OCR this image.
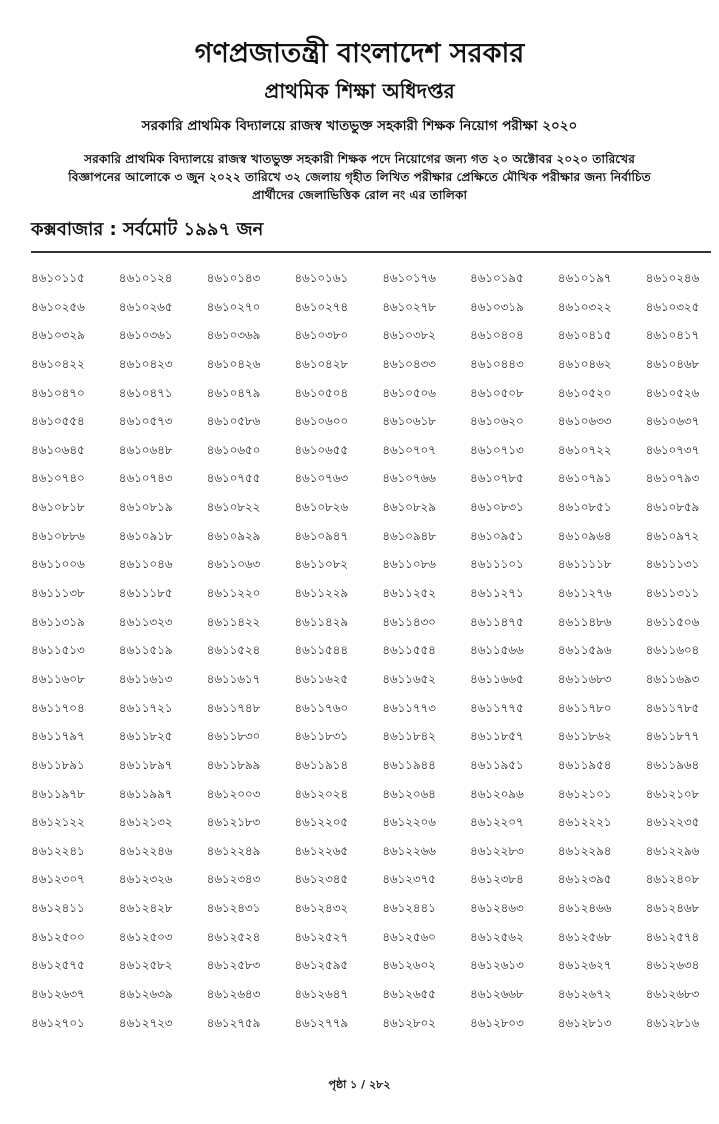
গণপ্রজাতন্ত্রী বাংলাদেশ সরকার
প্রাথমিক শিক্ষা অধিদপ্তর
সরকারি প্রাথমিক বিদ্যালয়ে রাজস্ব খাতভুক্ত সহকারী শিক্ষক নিয়োগ পরীক্ষা ২০২০
সরকারি প্রাথমিক বিদ্যালয়ে রাজস্ব খাতভুক্ত সহকারী শিক্ষক পদে নিয়োগের জন্য গত ২০ অক্টোবর ২০২০ তারিখের
বিজ্ঞাপনের আলোকে ৩ জুন ২০২২ তারিখে ৩২ জেলায় গৃহীত লিখিত পরীক্ষার প্রেক্ষিতে মৌখিক পরীক্ষার জন্য নির্বাচিত
প্রার্থীদের জেলাভিত্তিক রোল নং এর তালিকা
কক্সবাজার : সর্বমোট ১৯৯৭ জন
৪৬১০১১৫	৪৬১০১২৪	৪৬১০১৪৩	৪৬১০১৬১	৪৬১০১৭৬	৪৬১০১৯৫	৪৬১০১৯৭	৪৬১০২৪৬
৪৬১০২৫৬	৪৬১০২৬৫	৪৬১০২৭০	৪৬১০২৭৪	৪৬১০২৭৮	৪৬১০৩১৯	৪৬১০৩২২	৪৬১০৩২৫
৪৬১০৩২৯	৪৬১০৩৬১	৪৬১০৩৬৯	৪৬১০৩৮০	৪৬১০৩৮২	৪৬১০৪০৪	৪৬১০৪১৫	৪৬১০৪১৭
৪৬১০৪২২	৪৬১০৪২৩	৪৬১০৪২৬	৪৬১০৪২৮	৪৬১০৪৩৩	৪৬১০৪৪৩	৪৬১০৪৬২	৪৬১০৪৬৮
৪৬১০৪৭০	৪৬১০৪৭১	৪৬১০৪৭৯	৪৬১০৫০৪	৪৬১০৫০৬	৪৬১০৫০৮	৪৬১০৫২০	৪৬১০৫২৬
৪৬১০৫৫৪	৪৬১০৫৭৩	৪৬১০৫৮৬	৪৬১০৬০০	৪৬১০৬১৮	৪৬১০৬২০	৪৬১০৬৩৩	৪৬১০৬৩৭
৪৬১০৬৪৫	৪৬১০৬৪৮	৪৬১০৬৫০	৪৬১০৬৫৫	৪৬১০৭০৭	৪৬১০৭১৩	৪৬১০৭২২	৪৬১০৭৩৭
৪৬১০৭৪০	৪৬১০৭৪৩	৪৬১০৭৫৫	৪৬১০৭৬৩	৪৬১০৭৬৬	৪৬১০৭৮৫	৪৬১০৭৯১	৪৬১০৭৯৩
৪৬১০৮১৮	৪৬১০৮১৯	৪৬১০৮২২	৪৬১০৮২৬	৪৬১০৮২৯	৪৬১০৮৩১	৪৬১০৮৫১	৪৬১০৮৫৯
৪৬১০৮৮৬	৪৬১০৯১৮	৪৬১০৯২৯	৪৬১০৯৪৭	৪৬১০৯৪৮	৪৬১০৯৫১	৪৬১০৯৬৪	৪৬১০৯৭২
৪৬১১০০৬	৪৬১১০৪৬	৪৬১১০৬৩	৪৬১১০৮২	৪৬১১০৮৬	৪৬১১১০১	৪৬১১১১৮	৪৬১১১৩১
৪৬১১১৩৮	৪৬১১১৮৫	৪৬১১২২০	৪৬১১২২৯	৪৬১১২৫২	৪৬১১২৭১	৪৬১১২৭৬	৪৬১১৩১১
৪৬১১৩১৯	৪৬১১৩২৩	৪৬১১৪২২	৪৬১১৪২৯	৪৬১১৪৩০	৪৬১১৪৭৫	৪৬১১৪৮৬	৪৬১১৫০৬
৪৬১১৫১৩	৪৬১১৫১৯	৪৬১১৫২৪	৪৬১১৫৪৪	৪৬১১৫৫৪	৪৬১১৫৬৬	৪৬১১৫৯৬	৪৬১১৬০৪
৪৬১১৬০৮	৪৬১১৬১৩	৪৬১১৬১৭	৪৬১১৬২৫	৪৬১১৬৫২	৪৬১১৬৬৫	৪৬১১৬৮৩	৪৬১১৬৯৩
৪৬১১৭০৪	৪৬১১৭২১	৪৬১১৭৪৮	৪৬১১৭৬০	৪৬১১৭৭৩	৪৬১১৭৭৫	৪৬১১৭৮০	৪৬১১৭৮৫
৪৬১১৭৯৭	৪৬১১৮২৫	৪৬১১৮৩০	৪৬১১৮৩১	৪৬১১৮৪২	৪৬১১৮৫৭	৪৬১১৮৬২	৪৬১১৮৭৭
৪৬১১৮৯১	৪৬১১৮৯৭	৪৬১১৮৯৯	৪৬১১৯১৪	৪৬১১৯৪৪	৪৬১১৯৫১	৪৬১১৯৫৪	৪৬১১৯৬৪
৪৬১১৯৭৮	৪৬১১৯৯৭	৪৬১২০০৩	৪৬১২০২৪	৪৬১২০৬৪	৪৬১২০৯৬	৪৬১২১০১	৪৬১২১০৮
৪৬১২১২২	৪৬১২১৩২	৪৬১২১৮৩	৪৬১২২০৫	৪৬১২২০৬	৪৬১২২০৭	৪৬১২২২১	৪৬১২২৩৫
৪৬১২২৪১	৪৬১২২৪৬	৪৬১২২৪৯	৪৬১২২৬৫	৪৬১২২৬৬	৪৬১২২৮৩	৪৬১২২৯৪	৪৬১২২৯৬
৪৬১২৩০৭	৪৬১২৩২৬	৪৬১২৩৪৩	৪৬১২৩৪৫	৪৬১২৩৭৫	৪৬১২৩৮৪	৪৬১২৩৯৫	৪৬১২৪০৮
৪৬১২৪১১	৪৬১২৪২৮	৪৬১২৪৩১	৪৬১২৪৩২	৪৬১২৪৪১	৪৬১২৪৬৩	৪৬১২৪৬৬	৪৬১২৪৬৮
৪৬১২৫০০	৪৬১২৫০৩	৪৬১২৫২৪	৪৬১২৫২৭	৪৬১২৫৬০	৪৬১২৫৬২	৪৬১২৫৬৮	৪৬১২৫৭৪
৪৬১২৫৭৫	৪৬১২৫৮২	৪৬১২৫৮৩	৪৬১২৫৯৫	৪৬১২৬০২	৪৬১২৬১৩	৪৬১২৬২৭	৪৬১২৬৩৪
৪৬১২৬৩৭	৪৬১২৬৩৯	৪৬১২৬৪৩	৪৬১২৬৪৭	৪৬১২৬৫৫	৪৬১২৬৬৮	৪৬১২৬৭২	৪৬১২৬৮৩
৪৬১২৭০১	৪৬১২৭২৩	৪৬১২৭৫৯	৪৬১২৭৭৯	৪৬১২৮০২	৪৬১২৮০৩	৪৬১২৮১৩	৪৬১২৮১৬
পৃষ্ঠা ১ / ২৮২
